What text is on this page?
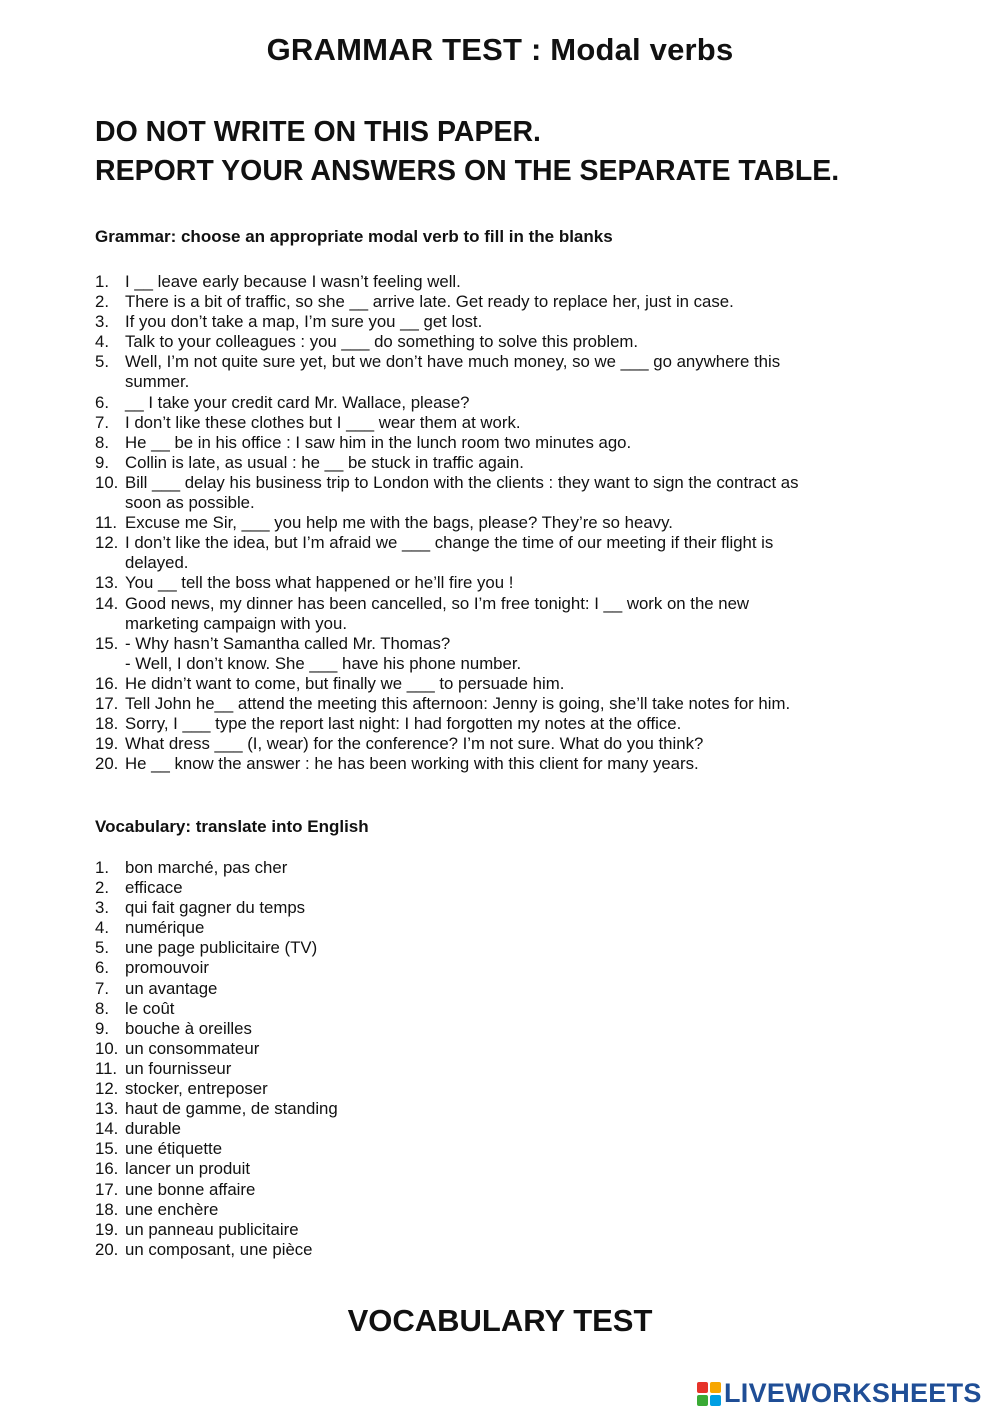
GRAMMAR TEST : Modal verbs
DO NOT WRITE ON THIS PAPER.
REPORT YOUR ANSWERS ON THE SEPARATE TABLE.
Grammar: choose an appropriate modal verb to fill in the blanks
1. I __ leave early because I wasn’t feeling well.
2. There is a bit of traffic, so she __ arrive late. Get ready to replace her, just in case.
3. If you don’t take a map, I’m sure you __ get lost.
4. Talk to your colleagues : you ___ do something to solve this problem.
5. Well, I’m not quite sure yet, but we don’t have much money, so we ___ go anywhere this
summer.
6. __ I take your credit card Mr. Wallace, please?
7. I don’t like these clothes but I ___ wear them at work.
8. He __ be in his office : I saw him in the lunch room two minutes ago.
9. Collin is late, as usual : he __ be stuck in traffic again.
10. Bill ___ delay his business trip to London with the clients : they want to sign the contract as
soon as possible.
11. Excuse me Sir, ___ you help me with the bags, please? They’re so heavy.
12. I don’t like the idea, but I’m afraid we ___ change the time of our meeting if their flight is
delayed.
13. You __ tell the boss what happened or he’ll fire you !
14. Good news, my dinner has been cancelled, so I’m free tonight: I __ work on the new
marketing campaign with you.
15. - Why hasn’t Samantha called Mr. Thomas?
- Well, I don’t know. She ___ have his phone number.
16. He didn’t want to come, but finally we ___ to persuade him.
17. Tell John he__ attend the meeting this afternoon: Jenny is going, she’ll take notes for him.
18. Sorry, I ___ type the report last night: I had forgotten my notes at the office.
19. What dress ___ (I, wear) for the conference? I’m not sure. What do you think?
20. He __ know the answer : he has been working with this client for many years.
Vocabulary: translate into English
1. bon marché, pas cher
2. efficace
3. qui fait gagner du temps
4. numérique
5. une page publicitaire (TV)
6. promouvoir
7. un avantage
8. le coût
9. bouche à oreilles
10. un consommateur
11. un fournisseur
12. stocker, entreposer
13. haut de gamme, de standing
14. durable
15. une étiquette
16. lancer un produit
17. une bonne affaire
18. une enchère
19. un panneau publicitaire
20. un composant, une pièce
VOCABULARY TEST
LIVEWORKSHEETS
